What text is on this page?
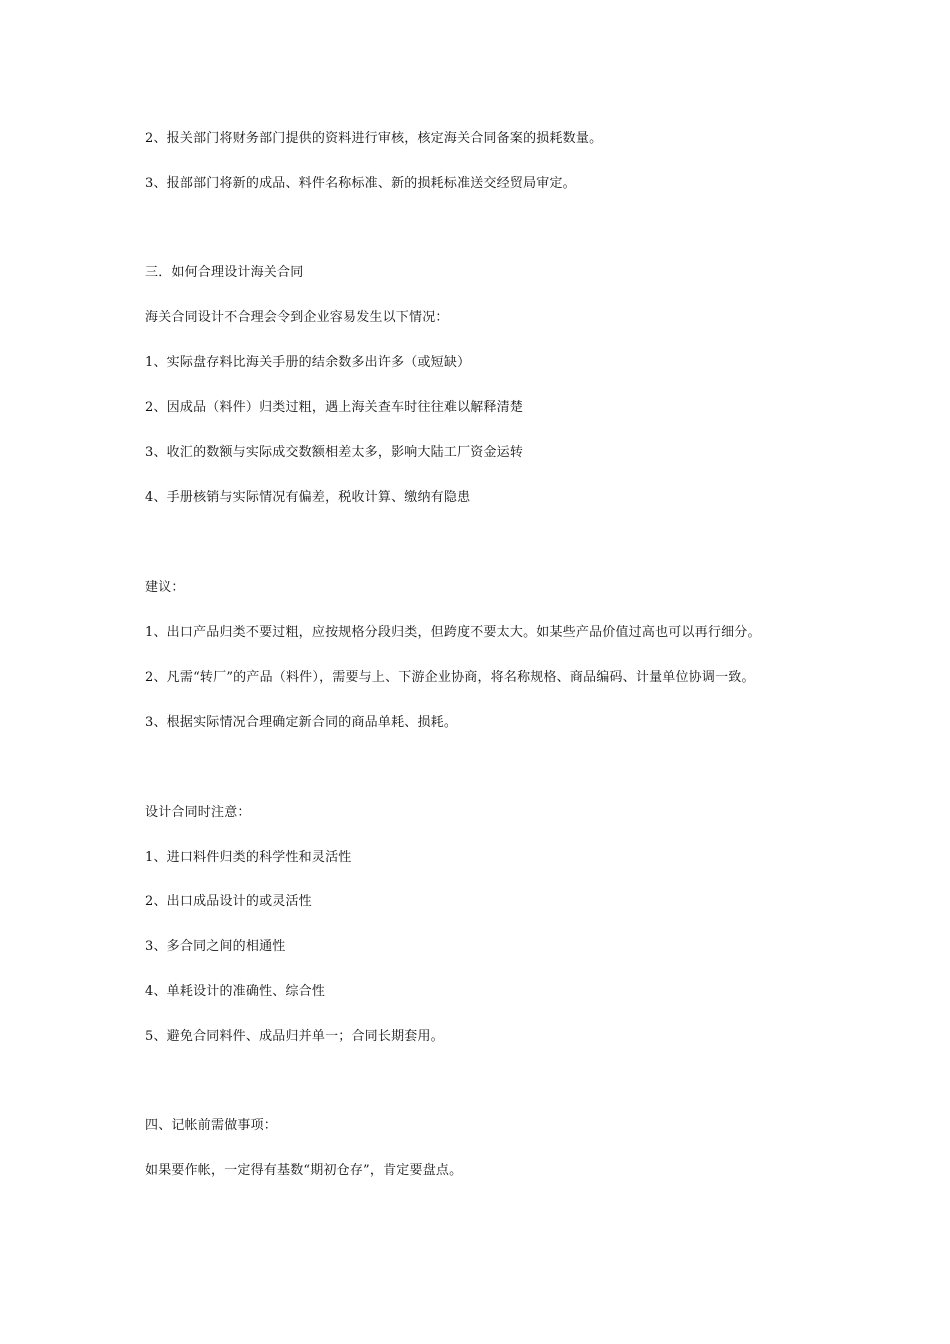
2、报关部门将财务部门提供的资料进行审核，核定海关合同备案的损耗数量。
3、报部部门将新的成品、料件名称标准、新的损耗标准送交经贸局审定。
三．如何合理设计海关合同
海关合同设计不合理会令到企业容易发生以下情况：
1、实际盘存料比海关手册的结余数多出许多（或短缺）
2、因成品（料件）归类过粗，遇上海关查车时往往难以解释清楚
3、收汇的数额与实际成交数额相差太多，影响大陆工厂资金运转
4、手册核销与实际情况有偏差，税收计算、缴纳有隐患
建议：
1、出口产品归类不要过粗，应按规格分段归类，但跨度不要太大。如某些产品价值过高也可以再行细分。
2、凡需“转厂”的产品（料件），需要与上、下游企业协商，将名称规格、商品编码、计量单位协调一致。
3、根据实际情况合理确定新合同的商品单耗、损耗。
设计合同时注意：
1、进口料件归类的科学性和灵活性
2、出口成品设计的或灵活性
3、多合同之间的相通性
4、单耗设计的准确性、综合性
5、避免合同料件、成品归并单一；合同长期套用。
四、记帐前需做事项：
如果要作帐，一定得有基数“期初仓存”，肯定要盘点。
